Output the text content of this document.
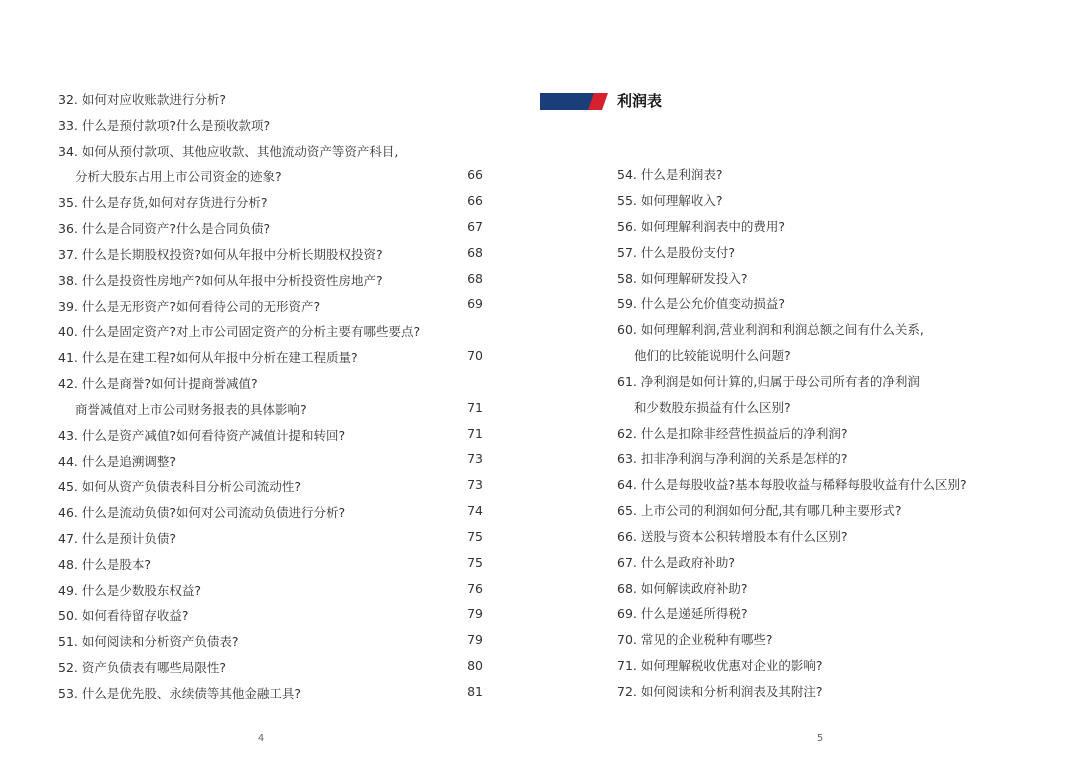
32. 如何对应收账款进行分析?
33. 什么是预付款项?什么是预收款项?
34. 如何从预付款项、其他应收款、其他流动资产等资产科目,
分析大股东占用上市公司资金的迹象?
35. 什么是存货,如何对存货进行分析?
36. 什么是合同资产?什么是合同负债?
37. 什么是长期股权投资?如何从年报中分析长期股权投资?
38. 什么是投资性房地产?如何从年报中分析投资性房地产?
39. 什么是无形资产?如何看待公司的无形资产?
40. 什么是固定资产?对上市公司固定资产的分析主要有哪些要点?
41. 什么是在建工程?如何从年报中分析在建工程质量?
42. 什么是商誉?如何计提商誉减值?
商誉减值对上市公司财务报表的具体影响?
43. 什么是资产减值?如何看待资产减值计提和转回?
44. 什么是追溯调整?
45. 如何从资产负债表科目分析公司流动性?
46. 什么是流动负债?如何对公司流动负债进行分析?
47. 什么是预计负债?
48. 什么是股本?
49. 什么是少数股东权益?
50. 如何看待留存收益?
51. 如何阅读和分析资产负债表?
52. 资产负债表有哪些局限性?
53. 什么是优先股、永续债等其他金融工具?
4
利润表
54. 什么是利润表?
66
55. 如何理解收入?
66
56. 如何理解利润表中的费用?
67
57. 什么是股份支付?
68
58. 如何理解研发投入?
68
59. 什么是公允价值变动损益?
69
60. 如何理解利润,营业利润和利润总额之间有什么关系,
他们的比较能说明什么问题?
70
61. 净利润是如何计算的,归属于母公司所有者的净利润
和少数股东损益有什么区别?
71
62. 什么是扣除非经营性损益后的净利润?
71
63. 扣非净利润与净利润的关系是怎样的?
73
64. 什么是每股收益?基本每股收益与稀释每股收益有什么区别?
73
65. 上市公司的利润如何分配,其有哪几种主要形式?
74
66. 送股与资本公积转增股本有什么区别?
75
67. 什么是政府补助?
75
68. 如何解读政府补助?
76
69. 什么是递延所得税?
79
70. 常见的企业税种有哪些?
79
71. 如何理解税收优惠对企业的影响?
80
72. 如何阅读和分析利润表及其附注?
81
5
